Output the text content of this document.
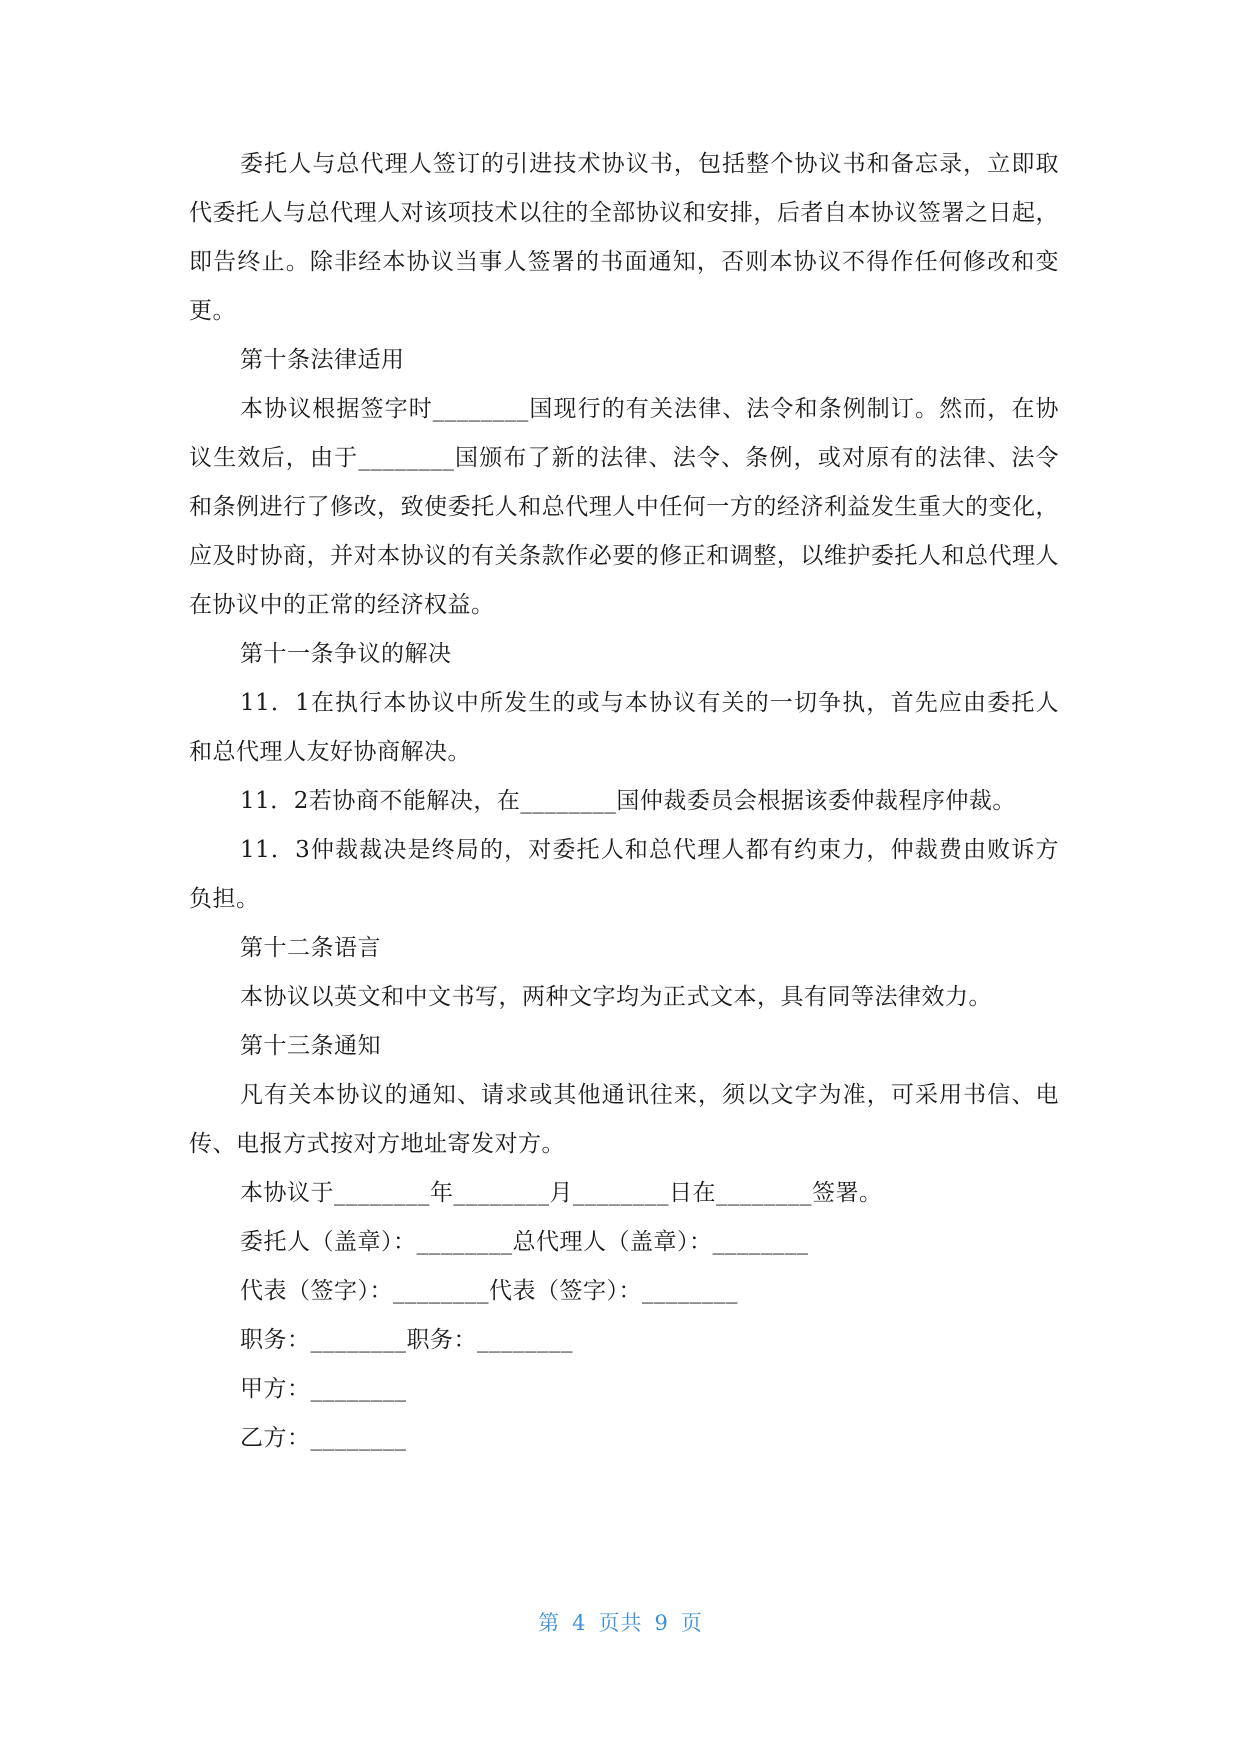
委托人与总代理人签订的引进技术协议书，包括整个协议书和备忘录，立即取代委托人与总代理人对该项技术以往的全部协议和安排，后者自本协议签署之日起，即告终止。除非经本协议当事人签署的书面通知，否则本协议不得作任何修改和变更。

第十条法律适用

本协议根据签字时________国现行的有关法律、法令和条例制订。然而，在协议生效后，由于________国颁布了新的法律、法令、条例，或对原有的法律、法令和条例进行了修改，致使委托人和总代理人中任何一方的经济利益发生重大的变化，应及时协商，并对本协议的有关条款作必要的修正和调整，以维护委托人和总代理人在协议中的正常的经济权益。

第十一条争议的解决

11．1在执行本协议中所发生的或与本协议有关的一切争执，首先应由委托人和总代理人友好协商解决。

11．2若协商不能解决，在________国仲裁委员会根据该委仲裁程序仲裁。

11．3仲裁裁决是终局的，对委托人和总代理人都有约束力，仲裁费由败诉方负担。

第十二条语言

本协议以英文和中文书写，两种文字均为正式文本，具有同等法律效力。

第十三条通知

凡有关本协议的通知、请求或其他通讯往来，须以文字为准，可采用书信、电传、电报方式按对方地址寄发对方。

本协议于________年________月________日在________签署。

委托人（盖章）：________总代理人（盖章）：________

代表（签字）：________代表（签字）：________

职务：________职务：________

甲方：________

乙方：________

第 4 页共 9 页
